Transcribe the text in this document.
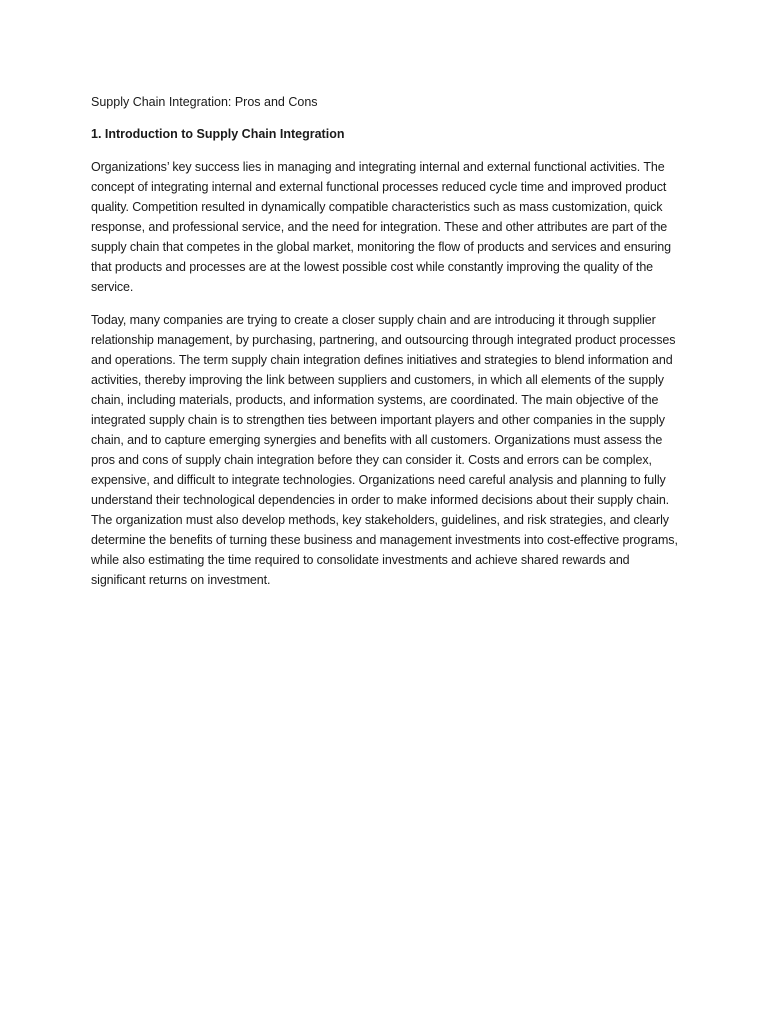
Supply Chain Integration: Pros and Cons

1. Introduction to Supply Chain Integration

Organizations’ key success lies in managing and integrating internal and external functional activities. The concept of integrating internal and external functional processes reduced cycle time and improved product quality. Competition resulted in dynamically compatible characteristics such as mass customization, quick response, and professional service, and the need for integration. These and other attributes are part of the supply chain that competes in the global market, monitoring the flow of products and services and ensuring that products and processes are at the lowest possible cost while constantly improving the quality of the service.

Today, many companies are trying to create a closer supply chain and are introducing it through supplier relationship management, by purchasing, partnering, and outsourcing through integrated product processes and operations. The term supply chain integration defines initiatives and strategies to blend information and activities, thereby improving the link between suppliers and customers, in which all elements of the supply chain, including materials, products, and information systems, are coordinated. The main objective of the integrated supply chain is to strengthen ties between important players and other companies in the supply chain, and to capture emerging synergies and benefits with all customers. Organizations must assess the pros and cons of supply chain integration before they can consider it. Costs and errors can be complex, expensive, and difficult to integrate technologies. Organizations need careful analysis and planning to fully understand their technological dependencies in order to make informed decisions about their supply chain. The organization must also develop methods, key stakeholders, guidelines, and risk strategies, and clearly determine the benefits of turning these business and management investments into cost-effective programs, while also estimating the time required to consolidate investments and achieve shared rewards and significant returns on investment.
